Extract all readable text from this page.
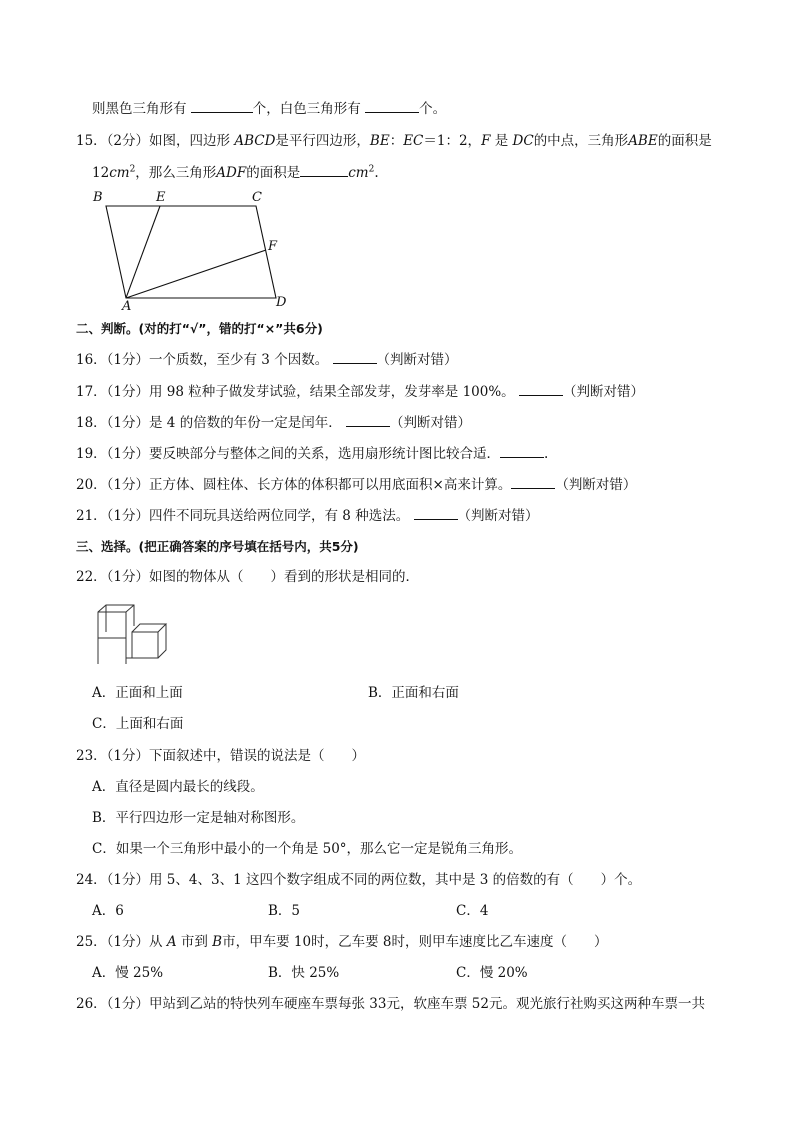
则黑色三角形有	个，白色三角形有	个。
15．（2分）如图，四边形 ABCD是平行四边形，BE：EC＝1：2，F 是 DC的中点，三角形ABE的面积是
$12cm^2$，那么三角形ADF的面积是	$cm^2$.
B	E	C
F
A	D
二、判断。(对的打“√”，错的打“×”共6分)
16．（1分）一个质数，至少有 3 个因数。	（判断对错）
17．（1分）用 98 粒种子做发芽试验，结果全部发芽，发芽率是 100%。	（判断对错）
18．（1分）是 4 的倍数的年份一定是闰年．	（判断对错）
19．（1分）要反映部分与整体之间的关系，选用扇形统计图比较合适．	.
20．（1分）正方体、圆柱体、长方体的体积都可以用底面积×高来计算。	（判断对错）
21．（1分）四件不同玩具送给两位同学，有 8 种选法。	（判断对错）
三、选择。(把正确答案的序号填在括号内，共5分)
22．（1分）如图的物体从（　　）看到的形状是相同的．
A．正面和上面	B．正面和右面
C．上面和右面
23．（1分）下面叙述中，错误的说法是（　　）
A．直径是圆内最长的线段。
B．平行四边形一定是轴对称图形。
C．如果一个三角形中最小的一个角是 50°，那么它一定是锐角三角形。
24．（1分）用 5、4、3、1 这四个数字组成不同的两位数，其中是 3 的倍数的有（　　）个。
A．6	B．5	C．4
25．（1分）从 A 市到 B市，甲车要 10时，乙车要 8时，则甲车速度比乙车速度（　　）
A．慢 25%	B．快 25%	C．慢 20%
26．（1分）甲站到乙站的特快列车硬座车票每张 33元，软座车票 52元。观光旅行社购买这两种车票一共
